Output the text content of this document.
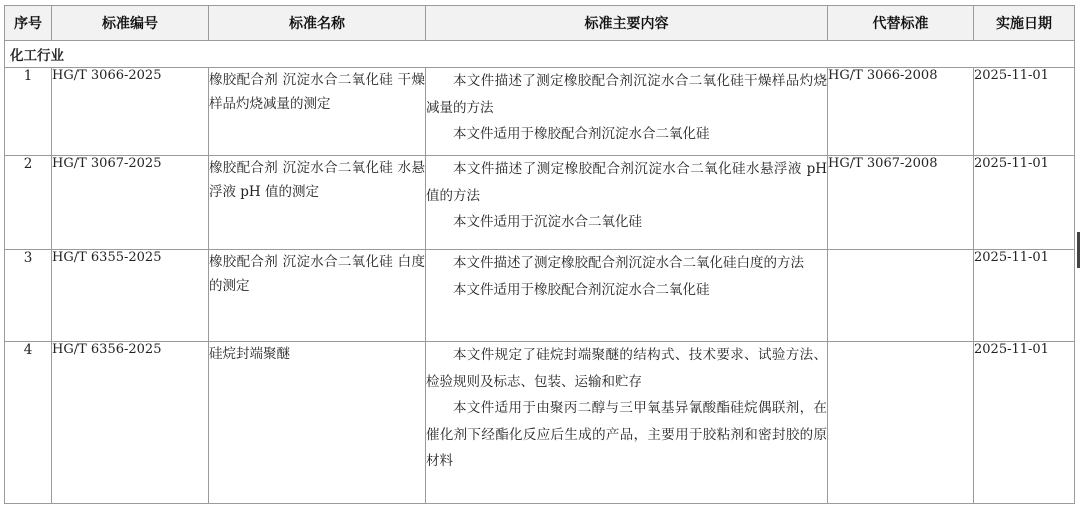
序号	标准编号	标准名称	标准主要内容	代替标准	实施日期
化工行业					
1	HG/T 3066-2025	橡胶配合剂 沉淀水合二氧化硅 干燥样品灼烧减量的测定	本文件描述了测定橡胶配合剂沉淀水合二氧化硅干燥样品灼烧减量的方法

本文件适用于橡胶配合剂沉淀水合二氧化硅	HG/T 3066-2008	2025-11-01
2	HG/T 3067-2025	橡胶配合剂 沉淀水合二氧化硅 水悬浮液 pH 值的测定	本文件描述了测定橡胶配合剂沉淀水合二氧化硅水悬浮液 pH 值的方法

本文件适用于沉淀水合二氧化硅	HG/T 3067-2008	2025-11-01
3	HG/T 6355-2025	橡胶配合剂 沉淀水合二氧化硅 白度的测定	本文件描述了测定橡胶配合剂沉淀水合二氧化硅白度的方法

本文件适用于橡胶配合剂沉淀水合二氧化硅		2025-11-01
4	HG/T 6356-2025	硅烷封端聚醚	本文件规定了硅烷封端聚醚的结构式、技术要求、试验方法、检验规则及标志、包装、运输和贮存

本文件适用于由聚丙二醇与三甲氧基异氰酸酯硅烷偶联剂，在催化剂下经酯化反应后生成的产品，主要用于胶粘剂和密封胶的原材料		2025-11-01
